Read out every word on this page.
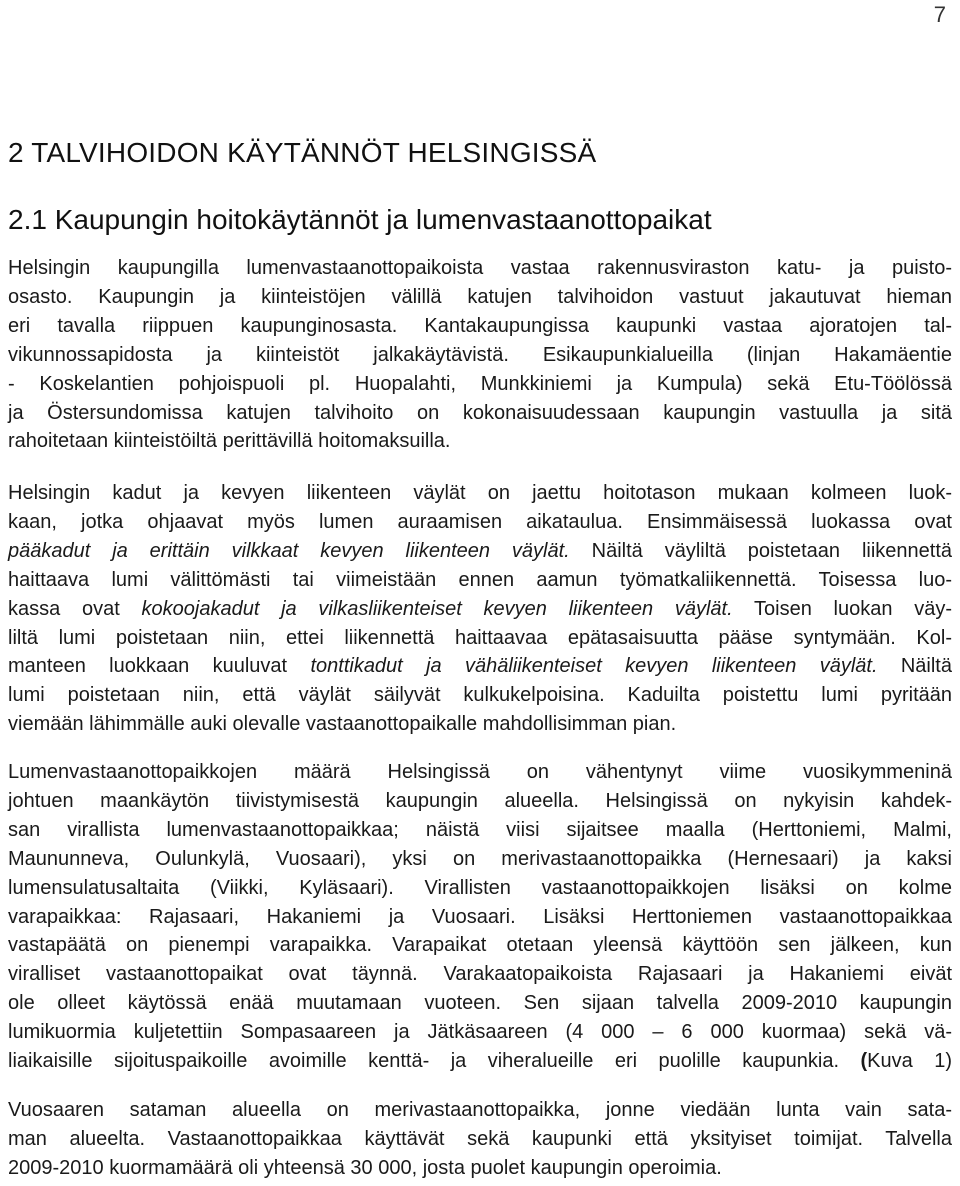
7
2 TALVIHOIDON KÄYTÄNNÖT HELSINGISSÄ
2.1 Kaupungin hoitokäytännöt ja lumenvastaanottopaikat
Helsingin kaupungilla lumenvastaanottopaikoista vastaa rakennusviraston katu- ja puisto-
osasto. Kaupungin ja kiinteistöjen välillä katujen talvihoidon vastuut jakautuvat hieman
eri tavalla riippuen kaupunginosasta. Kantakaupungissa kaupunki vastaa ajoratojen tal-
vikunnossapidosta ja kiinteistöt jalkakäytävistä. Esikaupunkialueilla (linjan Hakamäentie
- Koskelantien pohjoispuoli pl. Huopalahti, Munkkiniemi ja Kumpula) sekä Etu-Töölössä
ja Östersundomissa katujen talvihoito on kokonaisuudessaan kaupungin vastuulla ja sitä
rahoitetaan kiinteistöiltä perittävillä hoitomaksuilla.
Helsingin kadut ja kevyen liikenteen väylät on jaettu hoitotason mukaan kolmeen luok-
kaan, jotka ohjaavat myös lumen auraamisen aikataulua. Ensimmäisessä luokassa ovat
pääkadut ja erittäin vilkkaat kevyen liikenteen väylät. Näiltä väyliltä poistetaan liikennettä
haittaava lumi välittömästi tai viimeistään ennen aamun työmatkaliikennettä. Toisessa luo-
kassa ovat kokoojakadut ja vilkasliikenteiset kevyen liikenteen väylät. Toisen luokan väy-
liltä lumi poistetaan niin, ettei liikennettä haittaavaa epätasaisuutta pääse syntymään. Kol-
manteen luokkaan kuuluvat tonttikadut ja vähäliikenteiset kevyen liikenteen väylät. Näiltä
lumi poistetaan niin, että väylät säilyvät kulkukelpoisina. Kaduilta poistettu lumi pyritään
viemään lähimmälle auki olevalle vastaanottopaikalle mahdollisimman pian.
Lumenvastaanottopaikkojen määrä Helsingissä on vähentynyt viime vuosikymmeninä
johtuen maankäytön tiivistymisestä kaupungin alueella. Helsingissä on nykyisin kahdek-
san virallista lumenvastaanottopaikkaa; näistä viisi sijaitsee maalla (Herttoniemi, Malmi,
Maununneva, Oulunkylä, Vuosaari), yksi on merivastaanottopaikka (Hernesaari) ja kaksi
lumensulatusaltaita (Viikki, Kyläsaari). Virallisten vastaanottopaikkojen lisäksi on kolme
varapaikkaa: Rajasaari, Hakaniemi ja Vuosaari. Lisäksi Herttoniemen vastaanottopaikkaa
vastapäätä on pienempi varapaikka. Varapaikat otetaan yleensä käyttöön sen jälkeen, kun
viralliset vastaanottopaikat ovat täynnä. Varakaatopaikoista Rajasaari ja Hakaniemi eivät
ole olleet käytössä enää muutamaan vuoteen. Sen sijaan talvella 2009-2010 kaupungin
lumikuormia kuljetettiin Sompasaareen ja Jätkäsaareen (4 000 – 6 000 kuormaa) sekä vä-
liaikaisille sijoituspaikoille avoimille kenttä- ja viheralueille eri puolille kaupunkia. (Kuva 1)
Vuosaaren sataman alueella on merivastaanottopaikka, jonne viedään lunta vain sata-
man alueelta. Vastaanottopaikkaa käyttävät sekä kaupunki että yksityiset toimijat. Talvella
2009-2010 kuormamäärä oli yhteensä 30 000, josta puolet kaupungin operoimia.
